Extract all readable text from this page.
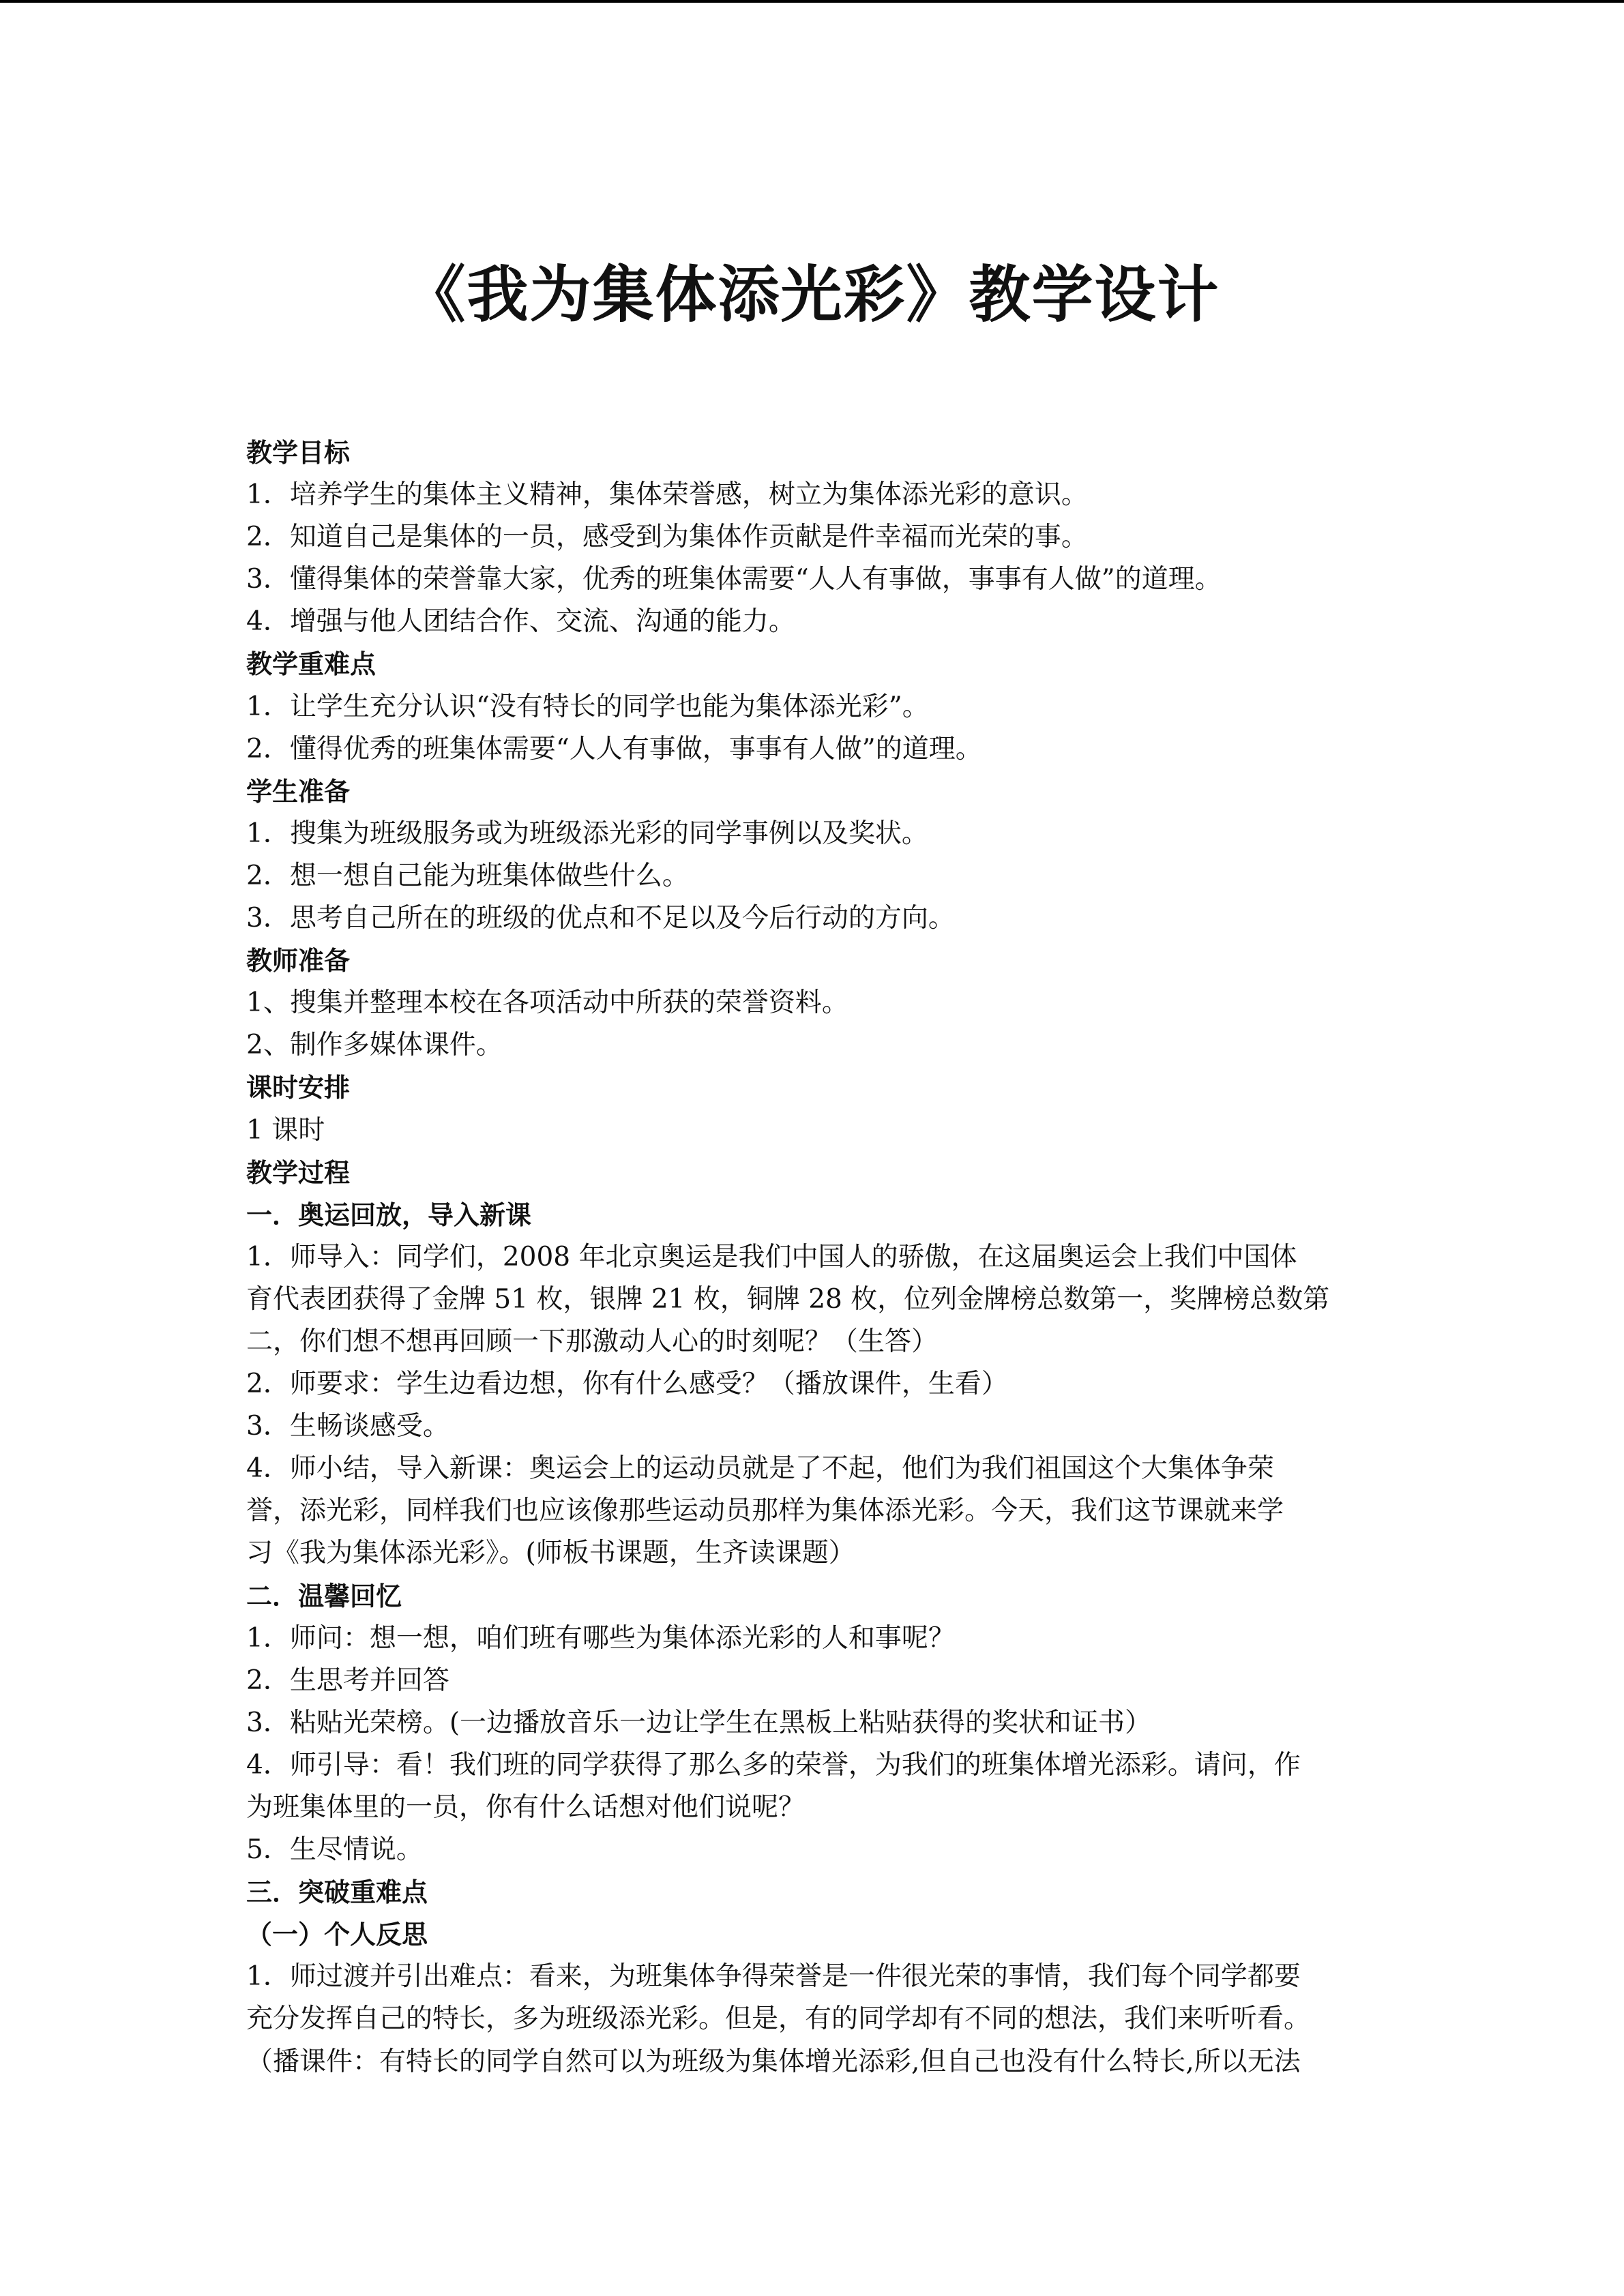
《我为集体添光彩》教学设计
教学目标
1．培养学生的集体主义精神，集体荣誉感，树立为集体添光彩的意识。
2．知道自己是集体的一员，感受到为集体作贡献是件幸福而光荣的事。
3．懂得集体的荣誉靠大家，优秀的班集体需要“人人有事做，事事有人做”的道理。
4．增强与他人团结合作、交流、沟通的能力。
教学重难点
1．让学生充分认识“没有特长的同学也能为集体添光彩”。
2．懂得优秀的班集体需要“人人有事做，事事有人做”的道理。
学生准备
1．搜集为班级服务或为班级添光彩的同学事例以及奖状。
2．想一想自己能为班集体做些什么。
3．思考自己所在的班级的优点和不足以及今后行动的方向。
教师准备
1、搜集并整理本校在各项活动中所获的荣誉资料。
2、制作多媒体课件。
课时安排
1 课时
教学过程
一．奥运回放，导入新课
1．师导入：同学们，2008 年北京奥运是我们中国人的骄傲，在这届奥运会上我们中国体
育代表团获得了金牌 51 枚，银牌 21 枚，铜牌 28 枚，位列金牌榜总数第一，奖牌榜总数第
二，你们想不想再回顾一下那激动人心的时刻呢？（生答）
2．师要求：学生边看边想，你有什么感受？（播放课件，生看）
3．生畅谈感受。
4．师小结，导入新课：奥运会上的运动员就是了不起，他们为我们祖国这个大集体争荣
誉，添光彩，同样我们也应该像那些运动员那样为集体添光彩。今天，我们这节课就来学
习《我为集体添光彩》。(师板书课题，生齐读课题）
二．温馨回忆
1．师问：想一想，咱们班有哪些为集体添光彩的人和事呢？
2．生思考并回答
3．粘贴光荣榜。(一边播放音乐一边让学生在黑板上粘贴获得的奖状和证书）
4．师引导：看！我们班的同学获得了那么多的荣誉，为我们的班集体增光添彩。请问，作
为班集体里的一员，你有什么话想对他们说呢？
5．生尽情说。
三．突破重难点
（一）个人反思
1．师过渡并引出难点：看来，为班集体争得荣誉是一件很光荣的事情，我们每个同学都要
充分发挥自己的特长，多为班级添光彩。但是，有的同学却有不同的想法，我们来听听看。
（播课件：有特长的同学自然可以为班级为集体增光添彩,但自己也没有什么特长,所以无法
